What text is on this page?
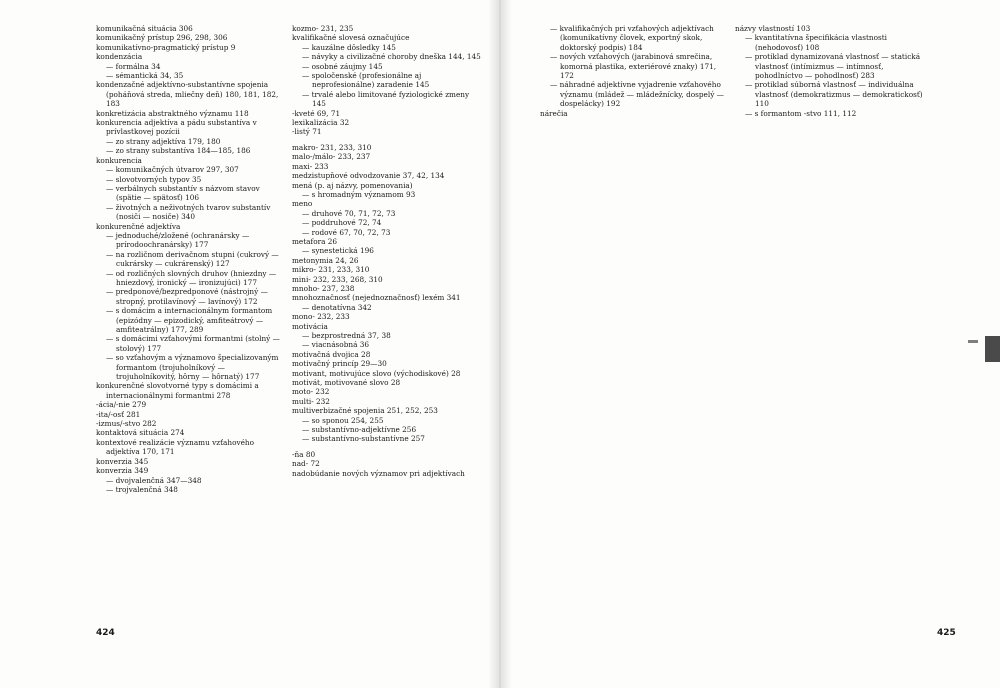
komunikačná situácia 306

komunikačný prístup 296, 298, 306

komunikatívno-pragmatický prístup 9

kondenzácia

— formálna 34

— sémantická 34, 35

kondenzačné adjektívno-substantívne spojenia (poháňová streda, mliečny deň) 180, 181, 182, 183

konkretizácia abstraktného významu 118

konkurencia adjektíva a pádu substantíva v prívlastkovej pozícii

— zo strany adjektíva 179, 180

— zo strany substantíva 184—185, 186

konkurencia

— komunikačných útvarov 297, 307

— slovotvorných typov 35

— verbálnych substantív s názvom stavov (spätie — spätosť) 106

— životných a neživotných tvarov substantív (nosiči — nosiče) 340

konkurenčné adjektíva

— jednoduché/zložené (ochranársky — prírodoochranársky) 177

— na rozličnom derivačnom stupni (cukrový — cukrársky — cukrárenský) 127

— od rozličných slovných druhov (hniezdny — hniezdový, ironický — ironizujúci) 177

— predponové/bezpredponové (nástrojný — stropný, protilavínový — lavínový) 172

— s domácim a internacionálnym formantom (epizódny — epizodický, amfiteátrový — amfiteatrálny) 177, 289

— s domácimi vzťahovými formantmi (stolný — stolový) 177

— so vzťahovým a významovo špecializovaným formantom (trojuholníkový — trojuholníkovitý, hôrny — hôrnatý) 177

konkurenčné slovotvorné typy s domácimi a internacionálnymi formantmi 278

-ácia/-nie 279

-ita/-osť 281

-izmus/-stvo 282

kontaktová situácia 274

kontextové realizácie významu vzťahového adjektíva 170, 171

konverzia 345

konverzia 349

— dvojvalenčná 347—348

— trojvalenčná 348

kozmo- 231, 235

kvalifikačné slovesá označujúce

— kauzálne dôsledky 145

— návyky a civilizačné choroby dneška 144, 145

— osobné záujmy 145

— spoločenské (profesionálne aj neprofesionálne) zaradenie 145

— trvalé alebo limitované fyziologické zmeny 145

-kveté 69, 71

lexikalizácia 32

-listý 71

makro- 231, 233, 310

malo-/málo- 233, 237

maxi- 233

medzistupňové odvodzovanie 37, 42, 134

mená (p. aj názvy, pomenovania)

— s hromadným významom 93

meno

— druhové 70, 71, 72, 73

— poddruhové 72, 74

— rodové 67, 70, 72, 73

metafora 26

— synestetická 196

metonymia 24, 26

mikro- 231, 233, 310

mini- 232, 233, 268, 310

mnoho- 237, 238

mnohoznačnosť (nejednoznačnosť) lexém 341

— denotatívna 342

mono- 232, 233

motivácia

— bezprostredná 37, 38

— viacnásobná 36

motivačná dvojica 28

motivačný princíp 29—30

motivant, motivujúce slovo (východiskové) 28

motivát, motivované slovo 28

moto- 232

multi- 232

multiverbizačné spojenia 251, 252, 253

— so sponou 254, 255

— substantívno-adjektívne 256

— substantívno-substantívne 257

-ňa 80

nad- 72

nadobúdanie nových významov pri adjektívach

— kvalifikačných pri vzťahových adjektívach (komunikatívny človek, exportný skok, doktorský podpis) 184

— nových vzťahových (jarabinová smrečina, komorná plastika, exteriérové znaky) 171, 172

— náhradné adjektívne vyjadrenie vzťahového významu (mládež — mládežnícky, dospelý — dospelácky) 192

nárečia

názvy vlastností 103

— kvantitatívna špecifikácia vlastnosti (nehodovosť) 108

— protiklad dynamizovaná vlastnosť — statická vlastnosť (intímizmus — intímnosť, pohodlníctvo — pohodlnosť) 283

— protiklad súborná vlastnosť — individuálna vlastnosť (demokratizmus — demokratickosť) 110

— s formantom -stvo 111, 112

424	425
